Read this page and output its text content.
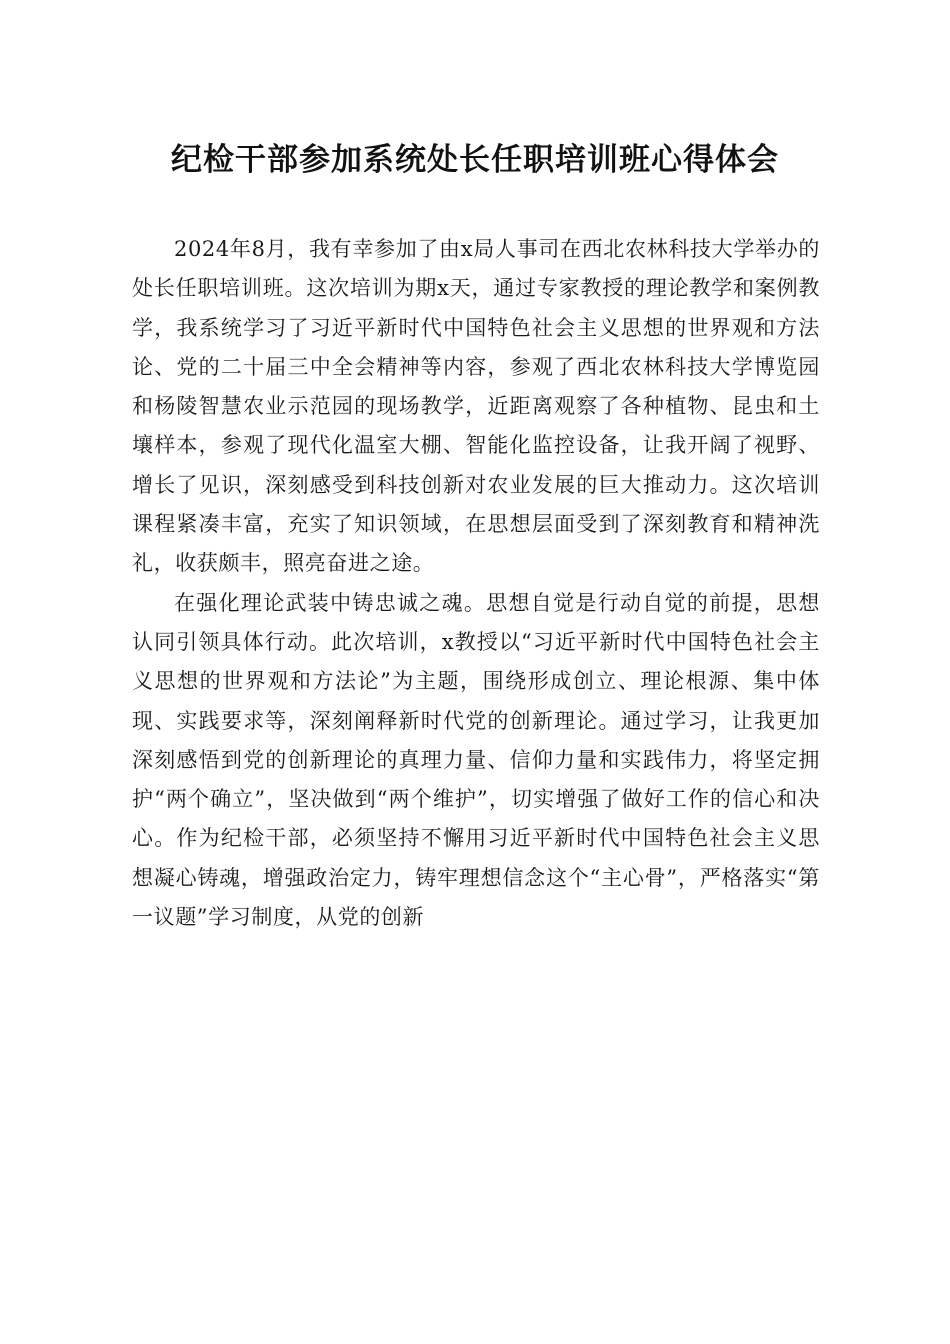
纪检干部参加系统处长任职培训班心得体会

2024年8月，我有幸参加了由x局人事司在西北农林科技大学举办的处长任职培训班。这次培训为期x天，通过专家教授的理论教学和案例教学，我系统学习了习近平新时代中国特色社会主义思想的世界观和方法论、党的二十届三中全会精神等内容，参观了西北农林科技大学博览园和杨陵智慧农业示范园的现场教学，近距离观察了各种植物、昆虫和土壤样本，参观了现代化温室大棚、智能化监控设备，让我开阔了视野、增长了见识，深刻感受到科技创新对农业发展的巨大推动力。这次培训课程紧凑丰富，充实了知识领域，在思想层面受到了深刻教育和精神洗礼，收获颇丰，照亮奋进之途。

在强化理论武装中铸忠诚之魂。思想自觉是行动自觉的前提，思想认同引领具体行动。此次培训，x教授以“习近平新时代中国特色社会主义思想的世界观和方法论”为主题，围绕形成创立、理论根源、集中体现、实践要求等，深刻阐释新时代党的创新理论。通过学习，让我更加深刻感悟到党的创新理论的真理力量、信仰力量和实践伟力，将坚定拥护“两个确立”，坚决做到“两个维护”，切实增强了做好工作的信心和决心。作为纪检干部，必须坚持不懈用习近平新时代中国特色社会主义思想凝心铸魂，增强政治定力，铸牢理想信念这个“主心骨”，严格落实“第一议题”学习制度，从党的创新
